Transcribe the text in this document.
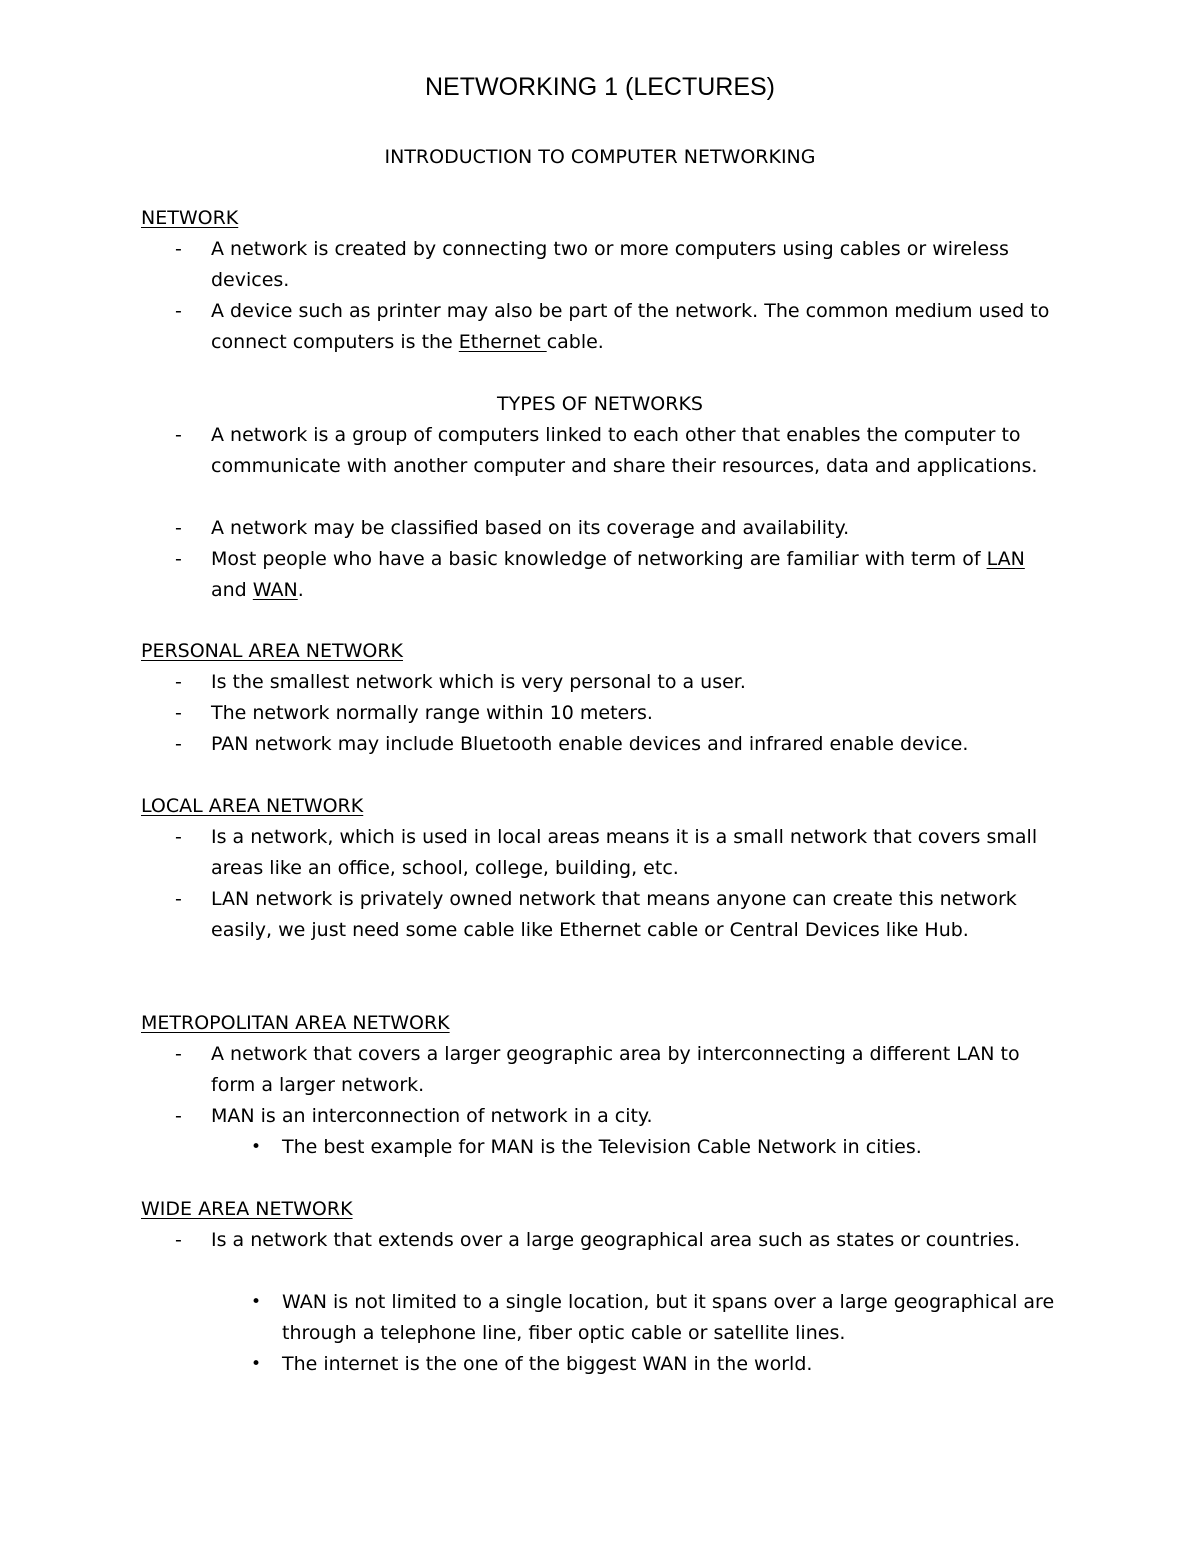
NETWORKING 1 (LECTURES)
INTRODUCTION TO COMPUTER NETWORKING
NETWORK
- A network is created by connecting two or more computers using cables or wireless devices.
- A device such as printer may also be part of the network. The common medium used to connect computers is the Ethernet cable.
TYPES OF NETWORKS
- A network is a group of computers linked to each other that enables the computer to communicate with another computer and share their resources, data and applications.
- A network may be classified based on its coverage and availability.
- Most people who have a basic knowledge of networking are familiar with term of LAN and WAN.
PERSONAL AREA NETWORK
- Is the smallest network which is very personal to a user.
- The network normally range within 10 meters.
- PAN network may include Bluetooth enable devices and infrared enable device.
LOCAL AREA NETWORK
- Is a network, which is used in local areas means it is a small network that covers small areas like an office, school, college, building, etc.
- LAN network is privately owned network that means anyone can create this network easily, we just need some cable like Ethernet cable or Central Devices like Hub.
METROPOLITAN AREA NETWORK
- A network that covers a larger geographic area by interconnecting a different LAN to form a larger network.
- MAN is an interconnection of network in a city.
• The best example for MAN is the Television Cable Network in cities.
WIDE AREA NETWORK
- Is a network that extends over a large geographical area such as states or countries.
• WAN is not limited to a single location, but it spans over a large geographical are through a telephone line, fiber optic cable or satellite lines.
• The internet is the one of the biggest WAN in the world.
